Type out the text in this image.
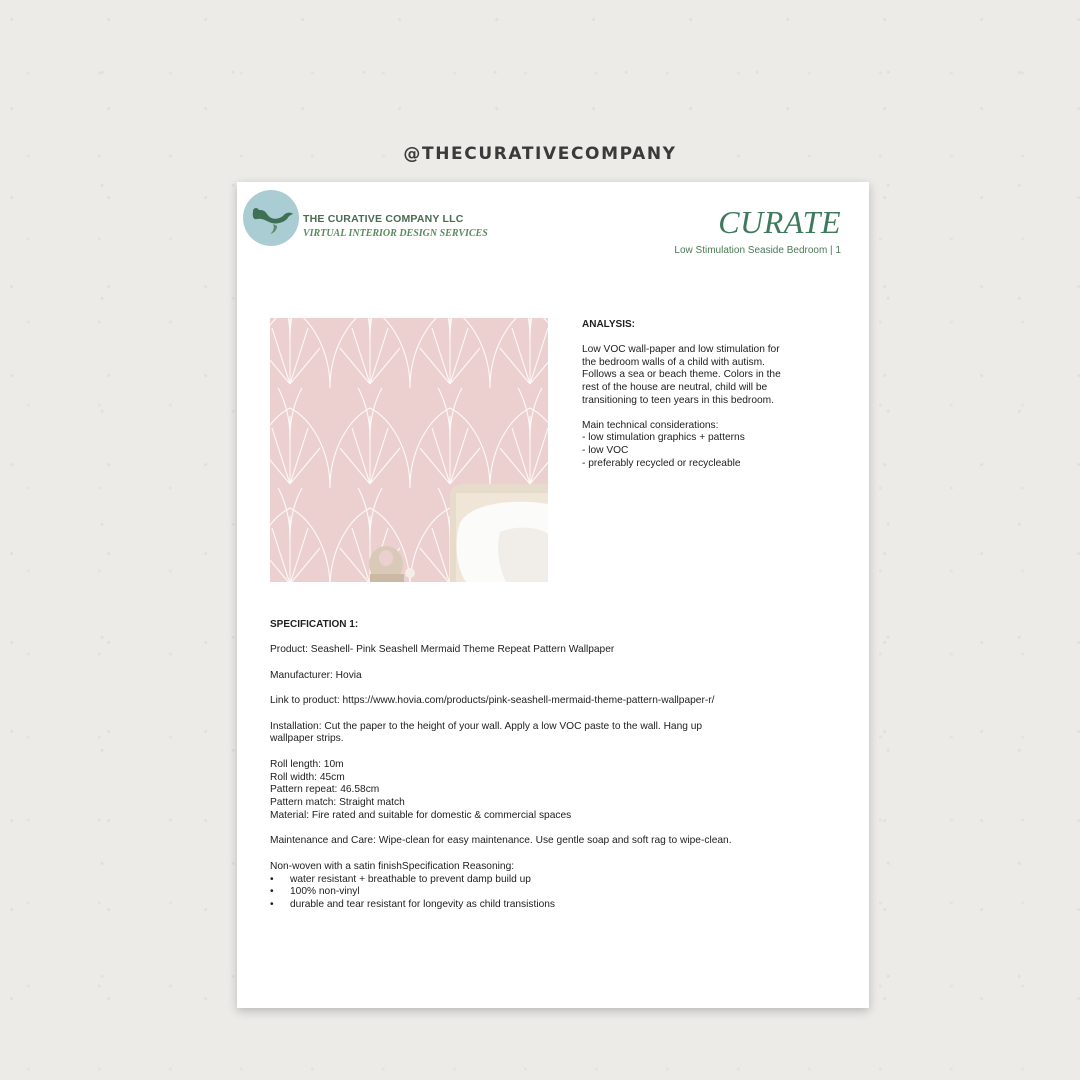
@THECURATIVECOMPANY
THE CURATIVE COMPANY LLC
VIRTUAL INTERIOR DESIGN SERVICES	CURATE
Low Stimulation Seaside Bedroom | 1
ANALYSIS:
Low VOC wall-paper and low stimulation for
the bedroom walls of a child with autism.
Follows a sea or beach theme. Colors in the
rest of the house are neutral, child will be
transitioning to teen years in this bedroom.
Main technical considerations:
- low stimulation graphics + patterns
- low VOC
- preferably recycled or recycleable
SPECIFICATION 1:
Product: Seashell- Pink Seashell Mermaid Theme Repeat Pattern Wallpaper
Manufacturer: Hovia
Link to product: https://www.hovia.com/products/pink-seashell-mermaid-theme-pattern-wallpaper-r/
Installation: Cut the paper to the height of your wall. Apply a low VOC paste to the wall. Hang up
wallpaper strips.
Roll length: 10m
Roll width: 45cm
Pattern repeat: 46.58cm
Pattern match: Straight match
Material: Fire rated and suitable for domestic & commercial spaces
Maintenance and Care: Wipe-clean for easy maintenance. Use gentle soap and soft rag to wipe-clean.
Non-woven with a satin finishSpecification Reasoning:
•	water resistant + breathable to prevent damp build up
•	100% non-vinyl
•	durable and tear resistant for longevity as child transistions
